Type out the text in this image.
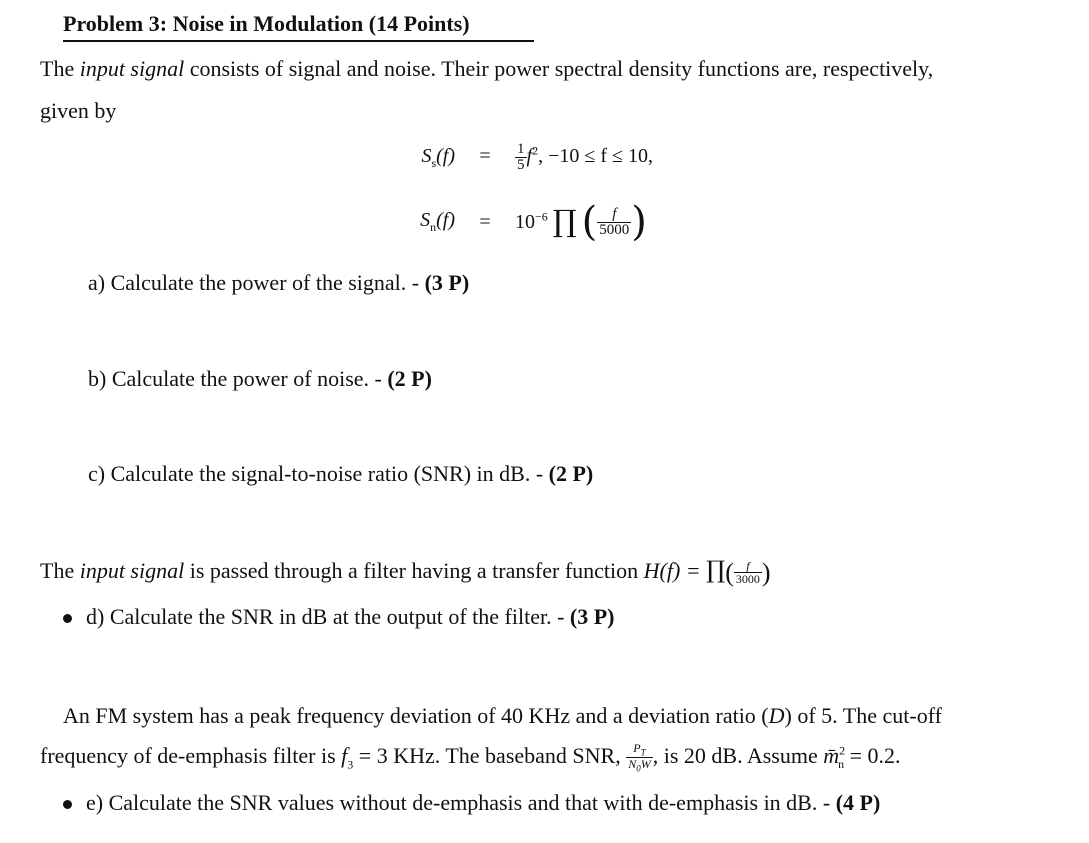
Problem 3: Noise in Modulation (14 Points)
The input signal consists of signal and noise. Their power spectral density functions are, respectively,
given by
$S_s(f) = \frac{1}{5} f^2$, −10 ≤ f ≤ 10,
$S_n(f) = 10^{-6}$ ∏ ( $\frac{f}{5000}$ )
a) Calculate the power of the signal. - (3 P)
b) Calculate the power of noise. - (2 P)
c) Calculate the signal-to-noise ratio (SNR) in dB. - (2 P)
The input signal is passed through a filter having a transfer function H(f) = ∏( $\frac{f}{3000}$ )
d) Calculate the SNR in dB at the output of the filter. - (3 P)
An FM system has a peak frequency deviation of 40 KHz and a deviation ratio (D) of 5. The cut-off
frequency of de-emphasis filter is $f_3 = 3$ KHz. The baseband SNR, $\frac{P_T}{N_0W}$ , is 20 dB. Assume m̄$^2_n$ = 0.2.
e) Calculate the SNR values without de-emphasis and that with de-emphasis in dB. - (4 P)
